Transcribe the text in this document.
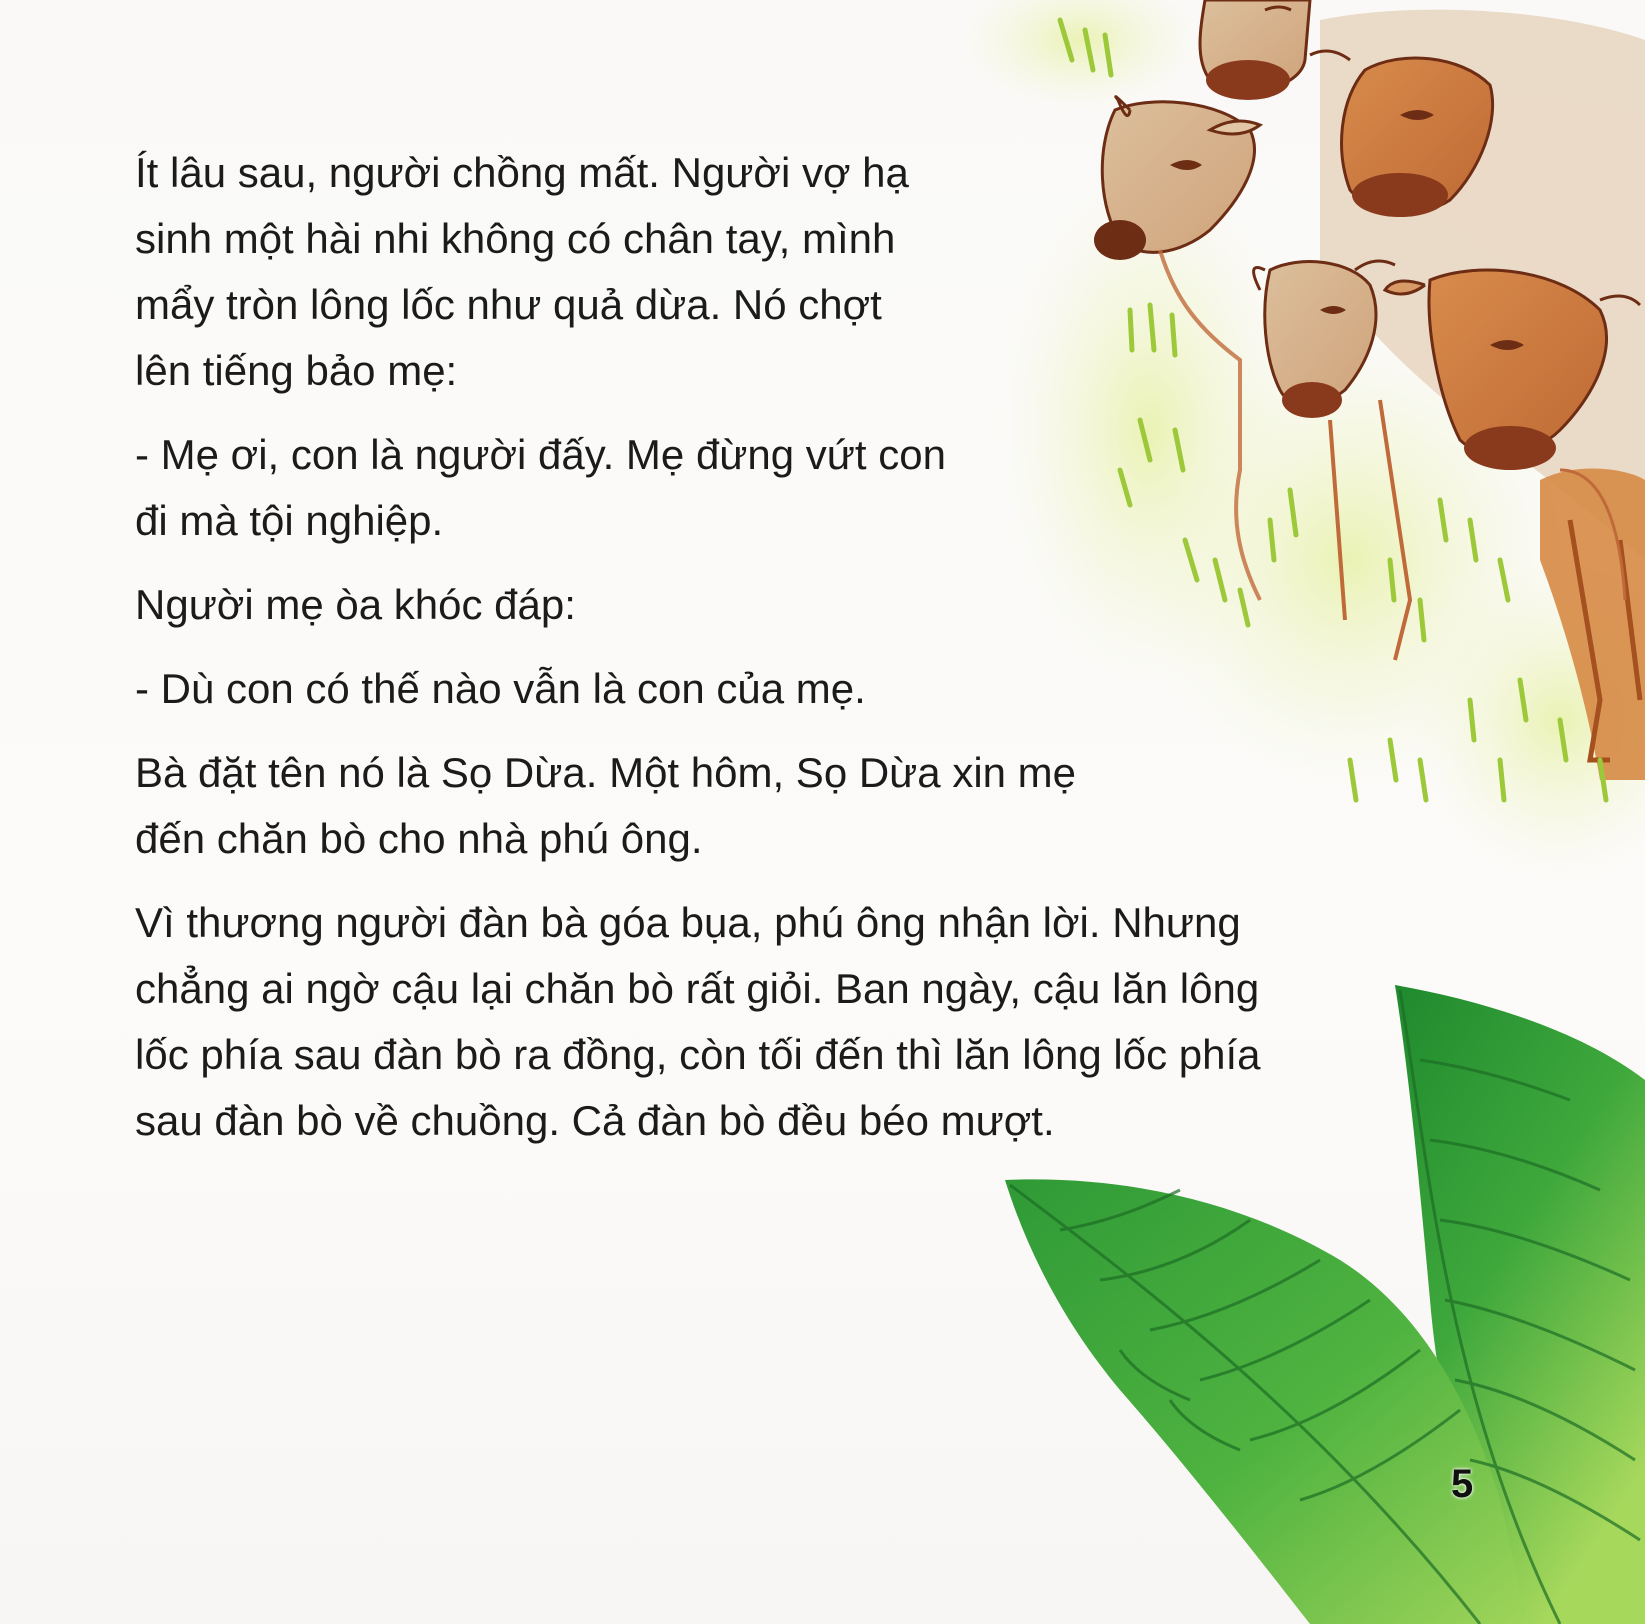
Ít lâu sau, người chồng mất. Người vợ hạ
sinh một hài nhi không có chân tay, mình
mẩy tròn lông lốc như quả dừa. Nó chợt
lên tiếng bảo mẹ:

- Mẹ ơi, con là người đấy. Mẹ đừng vứt con
đi mà tội nghiệp.

Người mẹ òa khóc đáp:

- Dù con có thế nào vẫn là con của mẹ.

Bà đặt tên nó là Sọ Dừa. Một hôm, Sọ Dừa xin mẹ
đến chăn bò cho nhà phú ông.

Vì thương người đàn bà góa bụa, phú ông nhận lời. Nhưng
chẳng ai ngờ cậu lại chăn bò rất giỏi. Ban ngày, cậu lăn lông
lốc phía sau đàn bò ra đồng, còn tối đến thì lăn lông lốc phía
sau đàn bò về chuồng. Cả đàn bò đều béo mượt.

5
